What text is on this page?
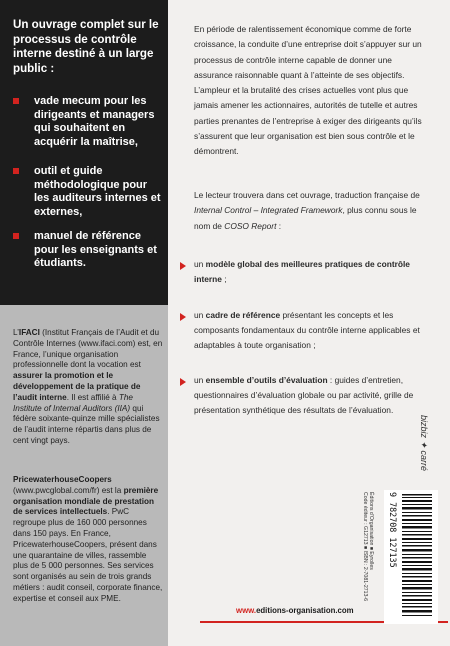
Un ouvrage complet sur le processus de contrôle interne destiné à un large public :

vade mecum pour les dirigeants et managers qui souhaitent en acquérir la maîtrise,
outil et guide méthodologique pour les auditeurs internes et externes,
manuel de référence pour les enseignants et étudiants.

L’IFACI (Institut Français de l’Audit et du Contrôle Internes (www.ifaci.com) est, en France, l’unique organisation professionnelle dont la vocation est assurer la promotion et le développement de la pratique de l’audit interne. Il est affilié à The Institute of Internal Auditors (IIA) qui fédère soixante-quinze mille spécialistes de l’audit interne répartis dans plus de cent vingt pays.

PricewaterhouseCoopers (www.pwcglobal.com/fr) est la première organisation mondiale de prestation de services intellectuels. PwC regroupe plus de 160 000 personnes dans 150 pays. En France, PricewaterhouseCoopers, présent dans une quarantaine de villes, rassemble plus de 5 000 personnes. Ses services sont organisés au sein de trois grands métiers : audit conseil, corporate finance, expertise et conseil aux PME.

En période de ralentissement économique comme de forte croissance, la conduite d’une entreprise doit s’appuyer sur un processus de contrôle interne capable de donner une assurance raisonnable quant à l’atteinte de ses objectifs. L’ampleur et la brutalité des crises actuelles vont plus que jamais amener les actionnaires, autorités de tutelle et autres parties prenantes de l’entreprise à exiger des dirigeants qu’ils s’assurent que leur organisation est bien sous contrôle et le démontrent.

Le lecteur trouvera dans cet ouvrage, traduction française de Internal Control – Integrated Framework, plus connu sous le nom de COSO Report :

un modèle global des meilleures pratiques de contrôle interne ;

un cadre de référence présentant les concepts et les composants fondamentaux du contrôle interne applicables et adaptables à toute organisation ;

un ensemble d’outils d’évaluation : guides d’entretien, questionnaires d’évaluation globale ou par activité, grille de présentation synthétique des résultats de l’évaluation.

bizbiz ✦ carré
www.editions-organisation.com
Éditions d’Organisation ■ Eyrolles
Code éditeur : G12713 ■ ISBN : 2-7081-2713-6 9 782708 127135
